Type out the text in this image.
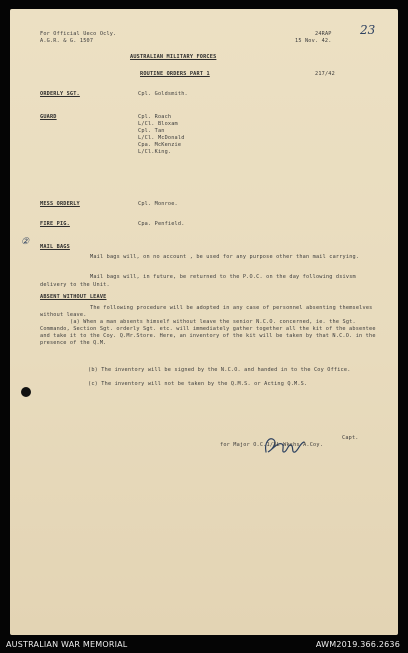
23
For Official Ueco Ocly.
A.G.R. & G. 1507
24RAP
15 Nov. 42.
AUSTRALIAN MILITARY FORCES
ROUTINE ORDERS PART 1	217/42
ORDERLY SGT.	Cpl. Goldsmith.
GUARD	Cpl. Roach
L/Cl. Bloxam
Cpl. Tan
L/Cl. McDonald
Cpa. McKenzie
L/Cl.King.
MESS ORDERLY	Cpl. Monroe.
FIRE PIG.	Cpa. Penfield.
② MAIL BAGS
Mail bags will, on no account , be used for any purpose other than mail carrying.
Mail bags will, in future, be returned to the P.O.C. on the day following dsivsm delivery to the Unit.
ABSENT WITHOUT LEAVE
The following procedure will be adopted in any case of personnel absenting themselves without leave.
(a) When a man absents himself without leave the senior N.C.O. concerned, ie. the Sgt. Commando, Section Sgt. orderly Sgt. etc. will immediately gather together all the kit of the absentee and take it to the Coy. Q.Mr.Store. Here, an inventory of the kit will be taken by that N.C.O. in the presence of the Q.M.
(b) The inventory will be signed by the N.C.O. and handed in to the Coy Office.
(c) The inventory will not be taken by the Q.M.S. or Acting Q.M.S.
Capt.
for Major O.C.1/3L Wkshs A.Coy.
AUSTRALIAN WAR MEMORIAL	AWM2019.366.2636
